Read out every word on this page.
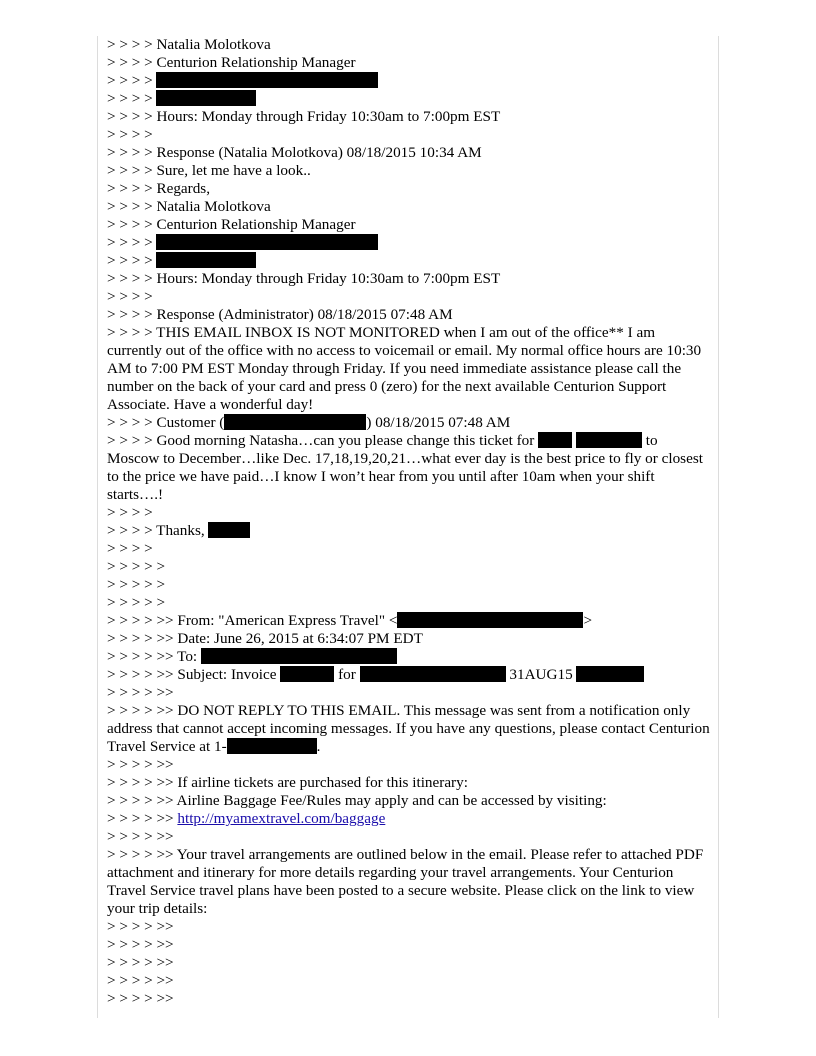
> > > > Natalia Molotkova
> > > > Centurion Relationship Manager
> > > >
> > > >
> > > > Hours: Monday through Friday 10:30am to 7:00pm EST
> > > >
> > > > Response (Natalia Molotkova) 08/18/2015 10:34 AM
> > > > Sure, let me have a look..
> > > > Regards,
> > > > Natalia Molotkova
> > > > Centurion Relationship Manager
> > > >
> > > >
> > > > Hours: Monday through Friday 10:30am to 7:00pm EST
> > > >
> > > > Response (Administrator) 08/18/2015 07:48 AM
> > > > THIS EMAIL INBOX IS NOT MONITORED when I am out of the office** I am currently out of the office with no access to voicemail or email. My normal office hours are 10:30 AM to 7:00 PM EST Monday through Friday. If you need immediate assistance please call the number on the back of your card and press 0 (zero) for the next available Centurion Support Associate. Have a wonderful day!
> > > > Customer (	) 08/18/2015 07:48 AM
> > > > Good morning Natasha…can you please change this ticket for	to Moscow to December…like Dec. 17,18,19,20,21…what ever day is the best price to fly or closest to the price we have paid…I know I won’t hear from you until after 10am when your shift starts….!
> > > >
> > > > Thanks,
> > > >
> > > > >
> > > > >
> > > > >
> > > > >> From: "American Express Travel" <	>
> > > > >> Date: June 26, 2015 at 6:34:07 PM EDT
> > > > >> To:
> > > > >> Subject: Invoice	for	31AUG15
> > > > >>
> > > > >> DO NOT REPLY TO THIS EMAIL. This message was sent from a notification only address that cannot accept incoming messages. If you have any questions, please contact Centurion Travel Service at 1-	.
> > > > >>
> > > > >> If airline tickets are purchased for this itinerary:
> > > > >> Airline Baggage Fee/Rules may apply and can be accessed by visiting:
> > > > >> http://myamextravel.com/baggage
> > > > >>
> > > > >> Your travel arrangements are outlined below in the email. Please refer to attached PDF attachment and itinerary for more details regarding your travel arrangements. Your Centurion Travel Service travel plans have been posted to a secure website. Please click on the link to view your trip details:
> > > > >>
> > > > >>
> > > > >>
> > > > >>
> > > > >>
